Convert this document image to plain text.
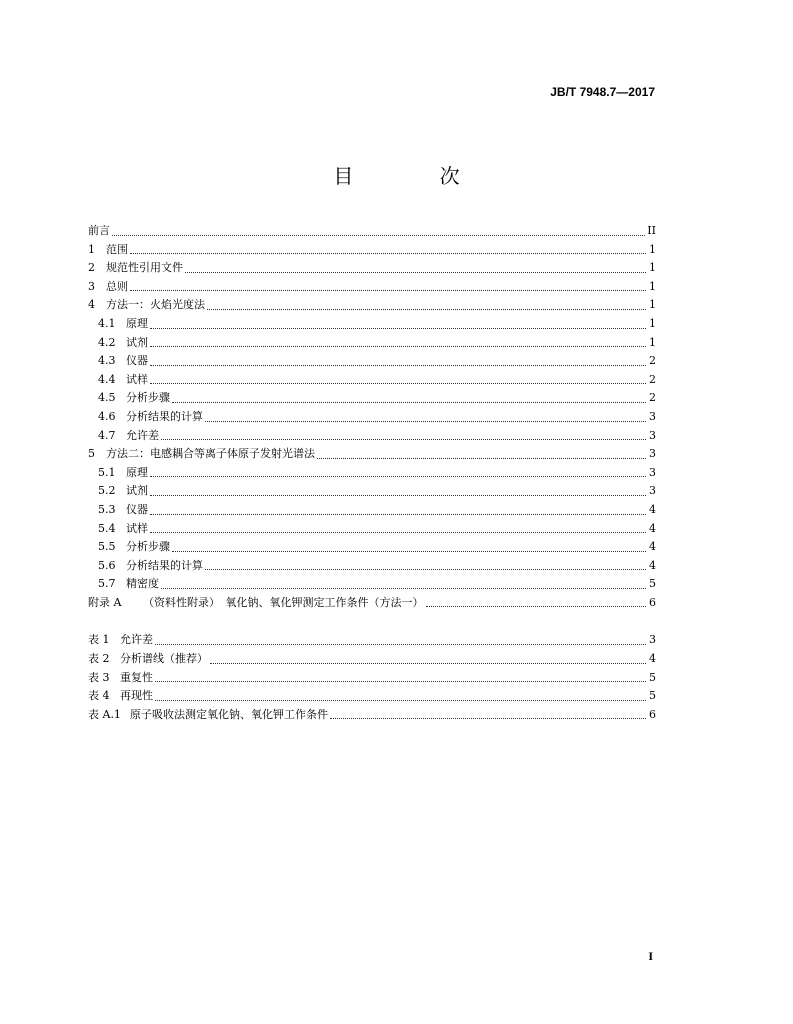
JB/T 7948.7—2017
目 次
前言	II
1	范围	1
2	规范性引用文件	1
3	总则	1
4	方法一：火焰光度法	1
4.1 原理	1
4.2 试剂	1
4.3 仪器	2
4.4 试样	2
4.5 分析步骤	2
4.6 分析结果的计算	3
4.7 允许差	3
5	方法二：电感耦合等离子体原子发射光谱法	3
5.1 原理	3
5.2 试剂	3
5.3 仪器	4
5.4 试样	4
5.5 分析步骤	4
5.6 分析结果的计算	4
5.7 精密度	5
附录 A	（资料性附录）　氧化钠、氧化钾测定工作条件（方法一）	6
表 1 允许差	3
表 2 分析谱线（推荐）	4
表 3 重复性	5
表 4 再现性	5
表 A.1 原子吸收法测定氧化钠、氧化钾工作条件	6
I
